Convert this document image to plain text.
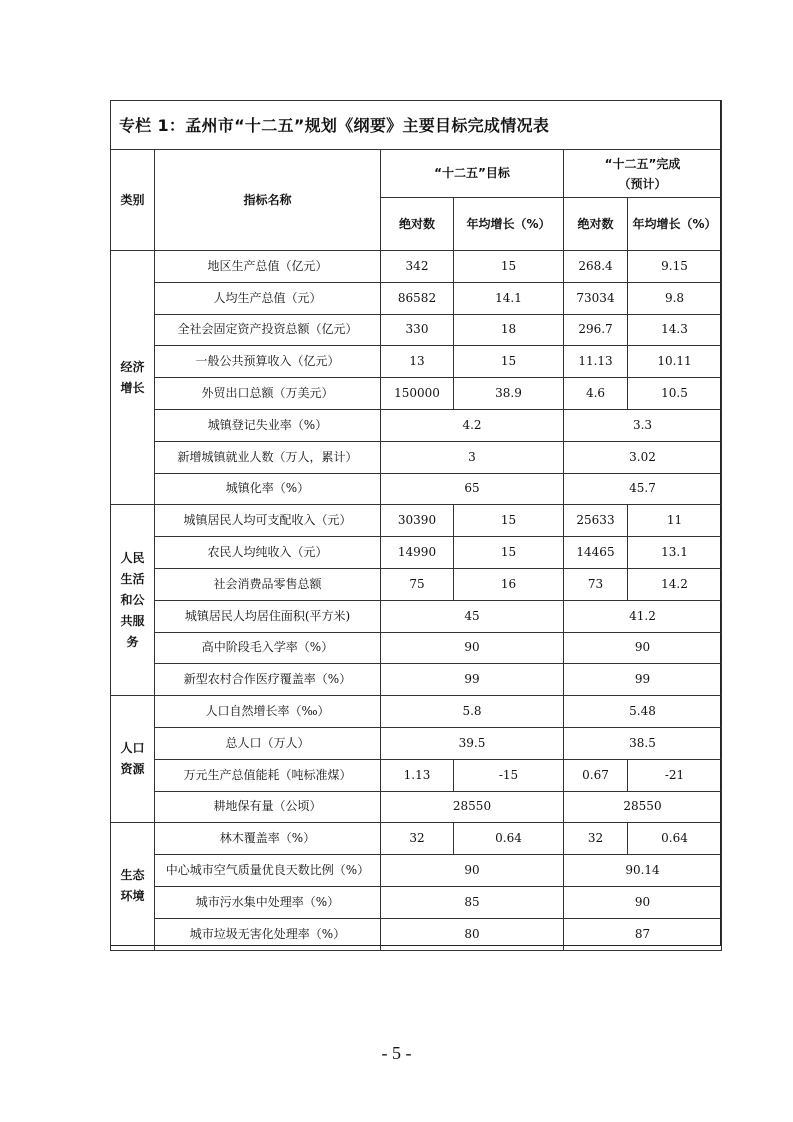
专栏 1：孟州市“十二五”规划《纲要》主要目标完成情况表					
类别	指标名称	“十二五”目标		“十二五”完成
（预计）	

		绝对数	年均增长（%）	绝对数	年均增长（%）

经济增长	地区生产总值（亿元）	342	15	268.4	9.15
	人均生产总值（元）	86582	14.1	73034	9.8
	全社会固定资产投资总额（亿元）	330	18	296.7	14.3
	一般公共预算收入（亿元）	13	15	11.13	10.11
	外贸出口总额（万美元）	150000	38.9	4.6	10.5
	城镇登记失业率（%）	4.2		3.3	
	新增城镇就业人数（万人，累计）	3		3.02	
	城镇化率（%）	65		45.7	

人民生活和公共服务	城镇居民人均可支配收入（元）	30390	15	25633	11
	农民人均纯收入（元）	14990	15	14465	13.1
	社会消费品零售总额	75	16	73	14.2
	城镇居民人均居住面积(平方米)	45		41.2	
	高中阶段毛入学率（%）	90		90	
	新型农村合作医疗覆盖率（%）	99		99	

人口资源	人口自然增长率（‰）	5.8		5.48	
	总人口（万人）	39.5		38.5	
	万元生产总值能耗（吨标准煤）	1.13	-15	0.67	-21
	耕地保有量（公顷）	28550		28550	

生态环境	林木覆盖率（%）	32	0.64	32	0.64
	中心城市空气质量优良天数比例（%）	90		90.14	
	城市污水集中处理率（%）	85		90	
	城市垃圾无害化处理率（%）	80		87	
- 5 -
